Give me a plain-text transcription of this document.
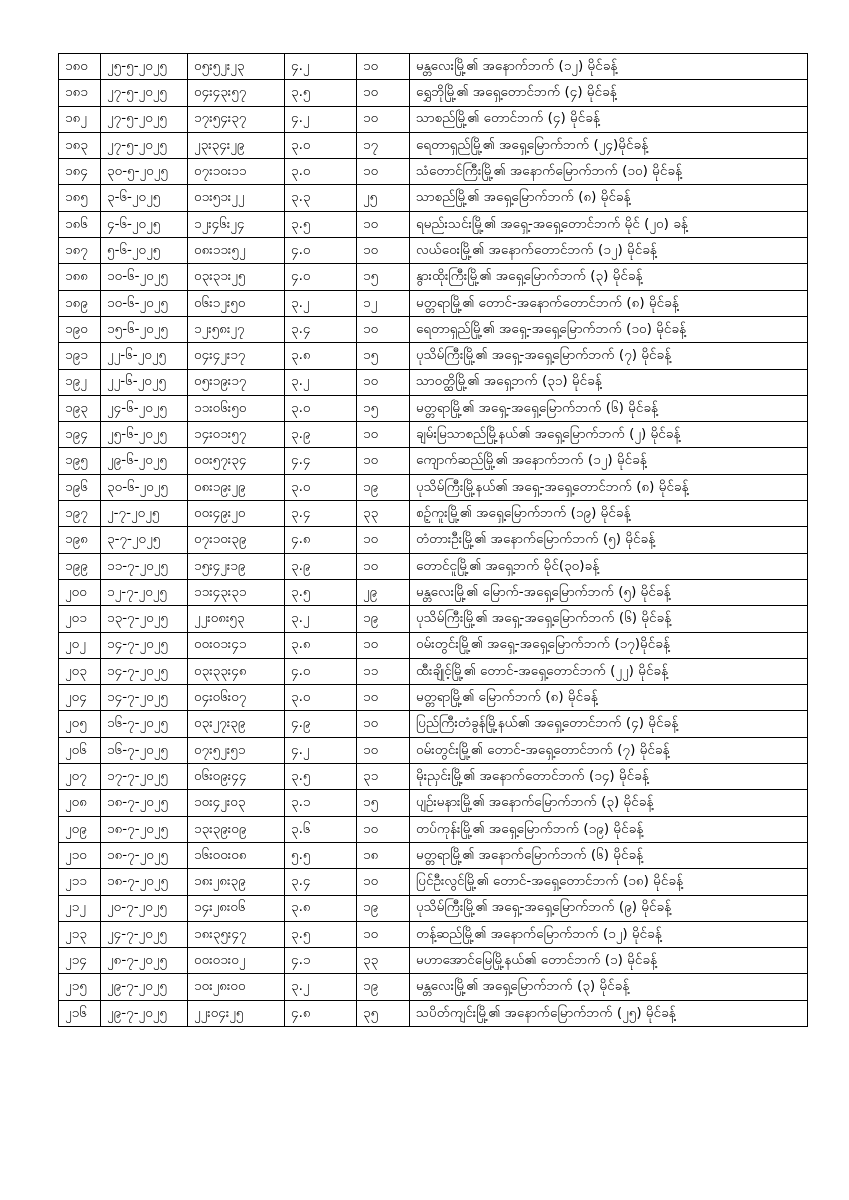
၁၈၀	၂၅-၅-၂၀၂၅	၀၅း၅၂း၂၃	၄.၂	၁၀	မန္တလေးမြို့၏ အနောက်ဘက် (၁၂) မိုင်ခန့်
၁၈၁	၂၇-၅-၂၀၂၅	၀၄း၄၃း၅၇	၃.၅	၁၀	ရွှေဘိုမြို့၏ အရှေ့တောင်ဘက် (၄) မိုင်ခန့်
၁၈၂	၂၇-၅-၂၀၂၅	၁၇း၅၄း၃၇	၄.၂	၁၀	သာစည်မြို့၏ တောင်ဘက် (၄) မိုင်ခန့်
၁၈၃	၂၇-၅-၂၀၂၅	၂၃း၃၄း၂၉	၃.၀	၁၇	ရေတာရှည်မြို့၏ အရှေ့မြောက်ဘက် (၂၄)မိုင်ခန့်
၁၈၄	၃၀-၅-၂၀၂၅	၀၇း၁၀း၁၁	၃.၀	၁၀	သံတောင်ကြီးမြို့၏ အနောက်မြောက်ဘက် (၁၀) မိုင်ခန့်
၁၈၅	၃-၆-၂၀၂၅	၀၁း၅၁း၂၂	၃.၃	၂၅	သာစည်မြို့၏ အရှေ့မြောက်ဘက် (၈) မိုင်ခန့်
၁၈၆	၄-၆-၂၀၂၅	၁၂း၄၆း၂၄	၃.၅	၁၀	ရမည်းသင်းမြို့၏ အရှေ့-အရှေ့တောင်ဘက် မိုင် (၂၀) ခန့်
၁၈၇	၅-၆-၂၀၂၅	၀၈း၁၁း၅၂	၄.၀	၁၀	လယ်ဝေးမြို့၏ အနောက်တောင်ဘက် (၁၂) မိုင်ခန့်
၁၈၈	၁၀-၆-၂၀၂၅	၀၃း၃၁း၂၅	၄.၀	၁၅	နွားထိုးကြီးမြို့၏ အရှေ့မြောက်ဘက် (၃) မိုင်ခန့်
၁၈၉	၁၀-၆-၂၀၂၅	၀၆း၁၂း၅၀	၃.၂	၁၂	မတ္တရာမြို့၏ တောင်-အနောက်တောင်ဘက် (၈) မိုင်ခန့်
၁၉၀	၁၅-၆-၂၀၂၅	၁၂း၅၈း၂၇	၃.၄	၁၀	ရေတာရှည်မြို့၏ အရှေ့-အရှေ့မြောက်ဘက် (၁၀) မိုင်ခန့်
၁၉၁	၂၂-၆-၂၀၂၅	၀၄း၄၂း၁၇	၃.၈	၁၅	ပုသိမ်ကြီးမြို့၏ အရှေ့-အရှေ့မြောက်ဘက် (၇) မိုင်ခန့်
၁၉၂	၂၂-၆-၂၀၂၅	၀၅း၁၉း၁၇	၃.၂	၁၀	သာဝတ္ထိမြို့၏ အရှေ့ဘက် (၃၁) မိုင်ခန့်
၁၉၃	၂၄-၆-၂၀၂၅	၁၁း၀၆း၅၀	၃.၀	၁၅	မတ္တရာမြို့၏ အရှေ့-အရှေ့မြောက်ဘက် (၆) မိုင်ခန့်
၁၉၄	၂၅-၆-၂၀၂၅	၁၄း၀၁း၅၇	၃.၉	၁၀	ချမ်းမြသာစည်မြို့နယ်၏ အရှေ့မြောက်ဘက် (၂) မိုင်ခန့်
၁၉၅	၂၉-၆-၂၀၂၅	၀၀း၅၇း၃၄	၄.၄	၁၀	ကျောက်ဆည်မြို့၏ အနောက်ဘက် (၁၂) မိုင်ခန့်
၁၉၆	၃၀-၆-၂၀၂၅	၀၈း၁၉း၂၉	၃.၀	၁၉	ပုသိမ်ကြီးမြို့နယ်၏ အရှေ့-အရှေ့တောင်ဘက် (၈) မိုင်ခန့်
၁၉၇	၂-၇-၂၀၂၅	၀၀း၄၉း၂၀	၃.၄	၃၃	စဉ့်ကူးမြို့၏ အရှေ့မြောက်ဘက် (၁၉) မိုင်ခန့်
၁၉၈	၃-၇-၂၀၂၅	၀၇း၁၀း၃၉	၄.၈	၁၀	တံတားဦးမြို့၏ အနောက်မြောက်ဘက် (၅) မိုင်ခန့်
၁၉၉	၁၁-၇-၂၀၂၅	၁၅း၄၂း၁၉	၃.၉	၁၀	တောင်ငူမြို့၏ အရှေ့ဘက် မိုင်(၃၀)ခန့်
၂၀၀	၁၂-၇-၂၀၂၅	၁၁း၄၃း၃၁	၃.၅	၂၉	မန္တလေးမြို့၏ မြောက်-အရှေ့မြောက်ဘက် (၅) မိုင်ခန့်
၂၀၁	၁၃-၇-၂၀၂၅	၂၂း၀၈း၅၃	၃.၂	၁၉	ပုသိမ်ကြီးမြို့၏ အရှေ့-အရှေ့မြောက်ဘက် (၆) မိုင်ခန့်
၂၀၂	၁၄-၇-၂၀၂၅	၀၀း၀၁း၄၁	၃.၈	၁၀	ဝမ်းတွင်းမြို့၏ အရှေ့-အရှေ့မြောက်ဘက် (၁၇)မိုင်ခန့်
၂၀၃	၁၄-၇-၂၀၂၅	၀၃း၃၃း၄၈	၄.၀	၁၁	ထီးချိုင့်မြို့၏ တောင်-အရှေ့တောင်ဘက် (၂၂) မိုင်ခန့်
၂၀၄	၁၄-၇-၂၀၂၅	၀၄း၀၆း၀၇	၃.၀	၁၀	မတ္တရာမြို့၏ မြောက်ဘက် (၈) မိုင်ခန့်
၂၀၅	၁၆-၇-၂၀၂၅	၀၃း၂၇း၃၉	၄.၉	၁၀	ပြည်ကြီးတံခွန်မြို့နယ်၏ အရှေ့တောင်ဘက် (၄) မိုင်ခန့်
၂၀၆	၁၆-၇-၂၀၂၅	၀၇း၅၂း၅၁	၄.၂	၁၀	ဝမ်းတွင်းမြို့၏ တောင်-အရှေ့တောင်ဘက် (၇) မိုင်ခန့်
၂၀၇	၁၇-၇-၂၀၂၅	၀၆း၀၉း၄၄	၃.၅	၃၁	မိုးညှင်းမြို့၏ အနောက်တောင်ဘက် (၁၄) မိုင်ခန့်
၂၀၈	၁၈-၇-၂၀၂၅	၁၀း၄၂း၀၃	၃.၁	၁၅	ပျဉ်းမနားမြို့၏ အနောက်မြောက်ဘက် (၃) မိုင်ခန့်
၂၀၉	၁၈-၇-၂၀၂၅	၁၃း၃၉း၀၉	၃.၆	၁၀	တပ်ကုန်းမြို့၏ အရှေ့မြောက်ဘက် (၁၉) မိုင်ခန့်
၂၁၀	၁၈-၇-၂၀၂၅	၁၆း၀၀း၀၈	၅.၅	၁၈	မတ္တရာမြို့၏ အနောက်မြောက်ဘက် (၆) မိုင်ခန့်
၂၁၁	၁၈-၇-၂၀၂၅	၁၈း၂၈း၃၉	၃.၄	၁၀	ပြင်ဦးလွင်မြို့၏ တောင်-အရှေ့တောင်ဘက် (၁၈) မိုင်ခန့်
၂၁၂	၂၀-၇-၂၀၂၅	၁၄း၂၈း၀၆	၃.၈	၁၉	ပုသိမ်ကြီးမြို့၏ အရှေ့-အရှေ့မြောက်ဘက် (၉) မိုင်ခန့်
၂၁၃	၂၄-၇-၂၀၂၅	၁၈း၃၅း၄၇	၃.၅	၁၀	တန့်ဆည်မြို့၏ အနောက်မြောက်ဘက် (၁၂) မိုင်ခန့်
၂၁၄	၂၈-၇-၂၀၂၅	၀၀း၀၁း၀၂	၄.၁	၃၃	မဟာအောင်မြေမြို့နယ်၏ တောင်ဘက် (၁) မိုင်ခန့်
၂၁၅	၂၉-၇-၂၀၂၅	၁၀း၂၈း၀၀	၃.၂	၁၉	မန္တလေးမြို့၏ အရှေ့မြောက်ဘက် (၃) မိုင်ခန့်
၂၁၆	၂၉-၇-၂၀၂၅	၂၂း၀၄း၂၅	၄.၈	၃၅	သပိတ်ကျင်းမြို့၏ အနောက်မြောက်ဘက် (၂၅) မိုင်ခန့်
